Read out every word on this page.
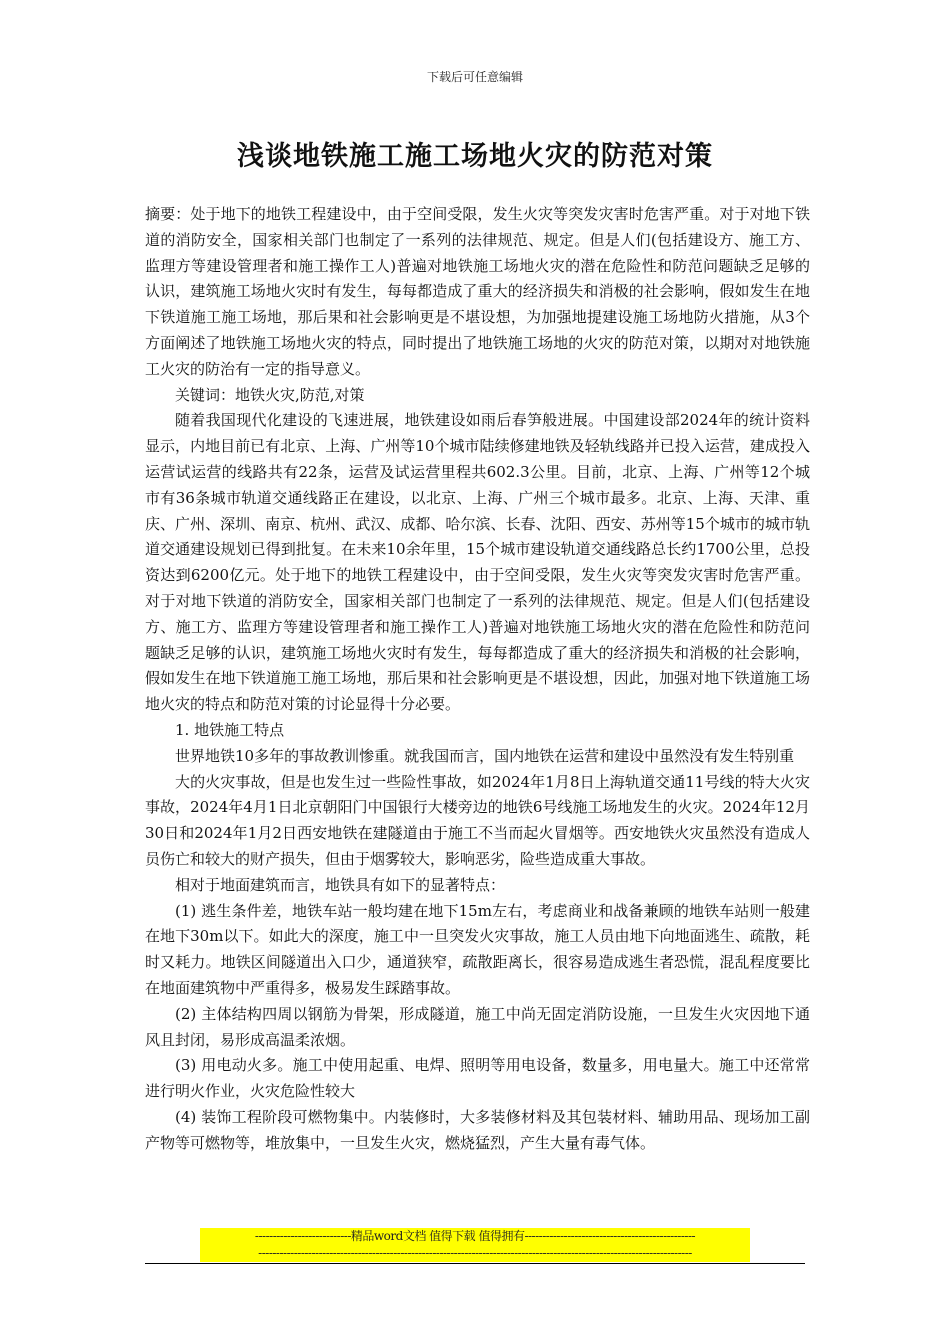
下载后可任意编辑
浅谈地铁施工施工场地火灾的防范对策

摘要：处于地下的地铁工程建设中，由于空间受限，发生火灾等突发灾害时危害严重。对于对地下铁道的消防安全，国家相关部门也制定了一系列的法律规范、规定。但是人们(包括建设方、施工方、监理方等建设管理者和施工操作工人)普遍对地铁施工场地火灾的潜在危险性和防范问题缺乏足够的认识，建筑施工场地火灾时有发生，每每都造成了重大的经济损失和消极的社会影响，假如发生在地下铁道施工施工场地，那后果和社会影响更是不堪设想，为加强地提建设施工场地防火措施，从3个方面阐述了地铁施工场地火灾的特点，同时提出了地铁施工场地的火灾的防范对策，以期对对地铁施工火灾的防治有一定的指导意义。

关键词：地铁火灾,防范,对策

随着我国现代化建设的飞速进展，地铁建设如雨后春笋般进展。中国建设部2024年的统计资料显示，内地目前已有北京、上海、广州等10个城市陆续修建地铁及轻轨线路并已投入运营，建成投入运营试运营的线路共有22条，运营及试运营里程共602.3公里。目前，北京、上海、广州等12个城市有36条城市轨道交通线路正在建设，以北京、上海、广州三个城市最多。北京、上海、天津、重庆、广州、深圳、南京、杭州、武汉、成都、哈尔滨、长春、沈阳、西安、苏州等15个城市的城市轨道交通建设规划已得到批复。在未来10余年里，15个城市建设轨道交通线路总长约1700公里，总投资达到6200亿元。处于地下的地铁工程建设中，由于空间受限，发生火灾等突发灾害时危害严重。对于对地下铁道的消防安全，国家相关部门也制定了一系列的法律规范、规定。但是人们(包括建设方、施工方、监理方等建设管理者和施工操作工人)普遍对地铁施工场地火灾的潜在危险性和防范问题缺乏足够的认识，建筑施工场地火灾时有发生，每每都造成了重大的经济损失和消极的社会影响，假如发生在地下铁道施工施工场地，那后果和社会影响更是不堪设想，因此，加强对地下铁道施工场地火灾的特点和防范对策的讨论显得十分必要。

1. 地铁施工特点

世界地铁10多年的事故教训惨重。就我国而言，国内地铁在运营和建设中虽然没有发生特别重

大的火灾事故，但是也发生过一些险性事故，如2024年1月8日上海轨道交通11号线的特大火灾事故，2024年4月1日北京朝阳门中国银行大楼旁边的地铁6号线施工场地发生的火灾。2024年12月30日和2024年1月2日西安地铁在建隧道由于施工不当而起火冒烟等。西安地铁火灾虽然没有造成人员伤亡和较大的财产损失，但由于烟雾较大，影响恶劣，险些造成重大事故。

相对于地面建筑而言，地铁具有如下的显著特点：

(1) 逃生条件差，地铁车站一般均建在地下15m左右，考虑商业和战备兼顾的地铁车站则一般建在地下30m以下。如此大的深度，施工中一旦突发火灾事故，施工人员由地下向地面逃生、疏散，耗时又耗力。地铁区间隧道出入口少，通道狭窄，疏散距离长，很容易造成逃生者恐慌，混乱程度要比在地面建筑物中严重得多，极易发生踩踏事故。

(2) 主体结构四周以钢筋为骨架，形成隧道，施工中尚无固定消防设施，一旦发生火灾因地下通风且封闭，易形成高温柔浓烟。

(3) 用电动火多。施工中使用起重、电焊、照明等用电设备，数量多，用电量大。施工中还常常进行明火作业，火灾危险性较大

(4) 装饰工程阶段可燃物集中。内装修时，大多装修材料及其包装材料、辅助用品、现场加工副产物等可燃物等，堆放集中，一旦发生火灾，燃烧猛烈，产生大量有毒气体。

---------------------------精品word文档 值得下载 值得拥有------------------------------------------------
--------------------------------------------------------------------------------------------------------------------------
